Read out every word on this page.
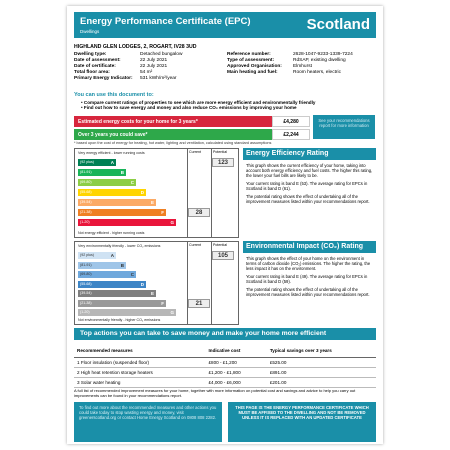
Energy Performance Certificate (EPC)
Dwellings	Scotland
HIGHLAND GLEN LODGES, 2, ROGART, IV28 3UD
Dwelling type:	Detached bungalow
Date of assessment:	22 July 2021
Date of certificate:	22 July 2021
Total floor area:	54 m²
Primary Energy Indicator:	531 kWh/m²/year
Reference number:	2628-1047-9233-1339-7224
Type of assessment:	RdSAP, existing dwelling
Approved Organisation:	Elmhurst
Main heating and fuel:	Room heaters, electric
You can use this document to:
• Compare current ratings of properties to see which are more energy efficient and environmentally friendly
• Find out how to save energy and money and also reduce CO₂ emissions by improving your home
Estimated energy costs for your home for 3 years*	£4,280
Over 3 years you could save*	£2,244
See your recommendations report for more information
* based upon the cost of energy for heating, hot water, lighting and ventilation, calculated using standard assumptions
Very energy efficient - lower running costs	Current	Potential
Not energy efficient - higher running costs
(92 plus)	A
(81-91)	B
(69-80)	C
(55-68)	D
(39-54)	E
(21-38)	F
(1-20)	G
28
123
Energy Efficiency Rating

This graph shows the current efficiency of your home, taking into account both energy efficiency and fuel costs. The higher this rating, the lower your fuel bills are likely to be.

Your current rating is band E (53). The average rating for EPCs in Scotland is band D (61).

The potential rating shows the effect of undertaking all of the improvement measures listed within your recommendations report.

Very environmentally friendly - lower CO₂ emissions	Current	Potential
Not environmentally friendly - higher CO₂ emissions
(92 plus)	A
(81-91)	B
(69-80)	C
(55-68)	D
(39-54)	E
(21-38)	F
(1-20)	G
21
105
Environmental Impact (CO₂) Rating

This graph shows the effect of your home on the environment in terms of carbon dioxide (CO₂) emissions. The higher the rating, the less impact it has on the environment.

Your current rating is band E (49). The average rating for EPCs in Scotland is band D (59).

The potential rating shows the effect of undertaking all of the improvement measures listed within your recommendations report.

Top actions you can take to save money and make your home more efficient
Recommended measures	Indicative cost	Typical savings over 3 years
1 Floor insulation (suspended floor)	£800 - £1,200	£525.00
2 High heat retention storage heaters	£1,200 - £1,800	£891.00
3 Solar water heating	£4,000 - £6,000	£201.00
A full list of recommended improvement measures for your home, together with more information on potential cost and savings and advice to help you carry out improvements can be found in your recommendations report.
To find out more about the recommended measures and other actions you could take today to stop wasting energy and money, visit greenerscotland.org or contact Home Energy Scotland on 0808 808 2282.
THIS PAGE IS THE ENERGY PERFORMANCE CERTIFICATE WHICH MUST BE AFFIXED TO THE DWELLING AND NOT BE REMOVED UNLESS IT IS REPLACED WITH AN UPDATED CERTIFICATE
